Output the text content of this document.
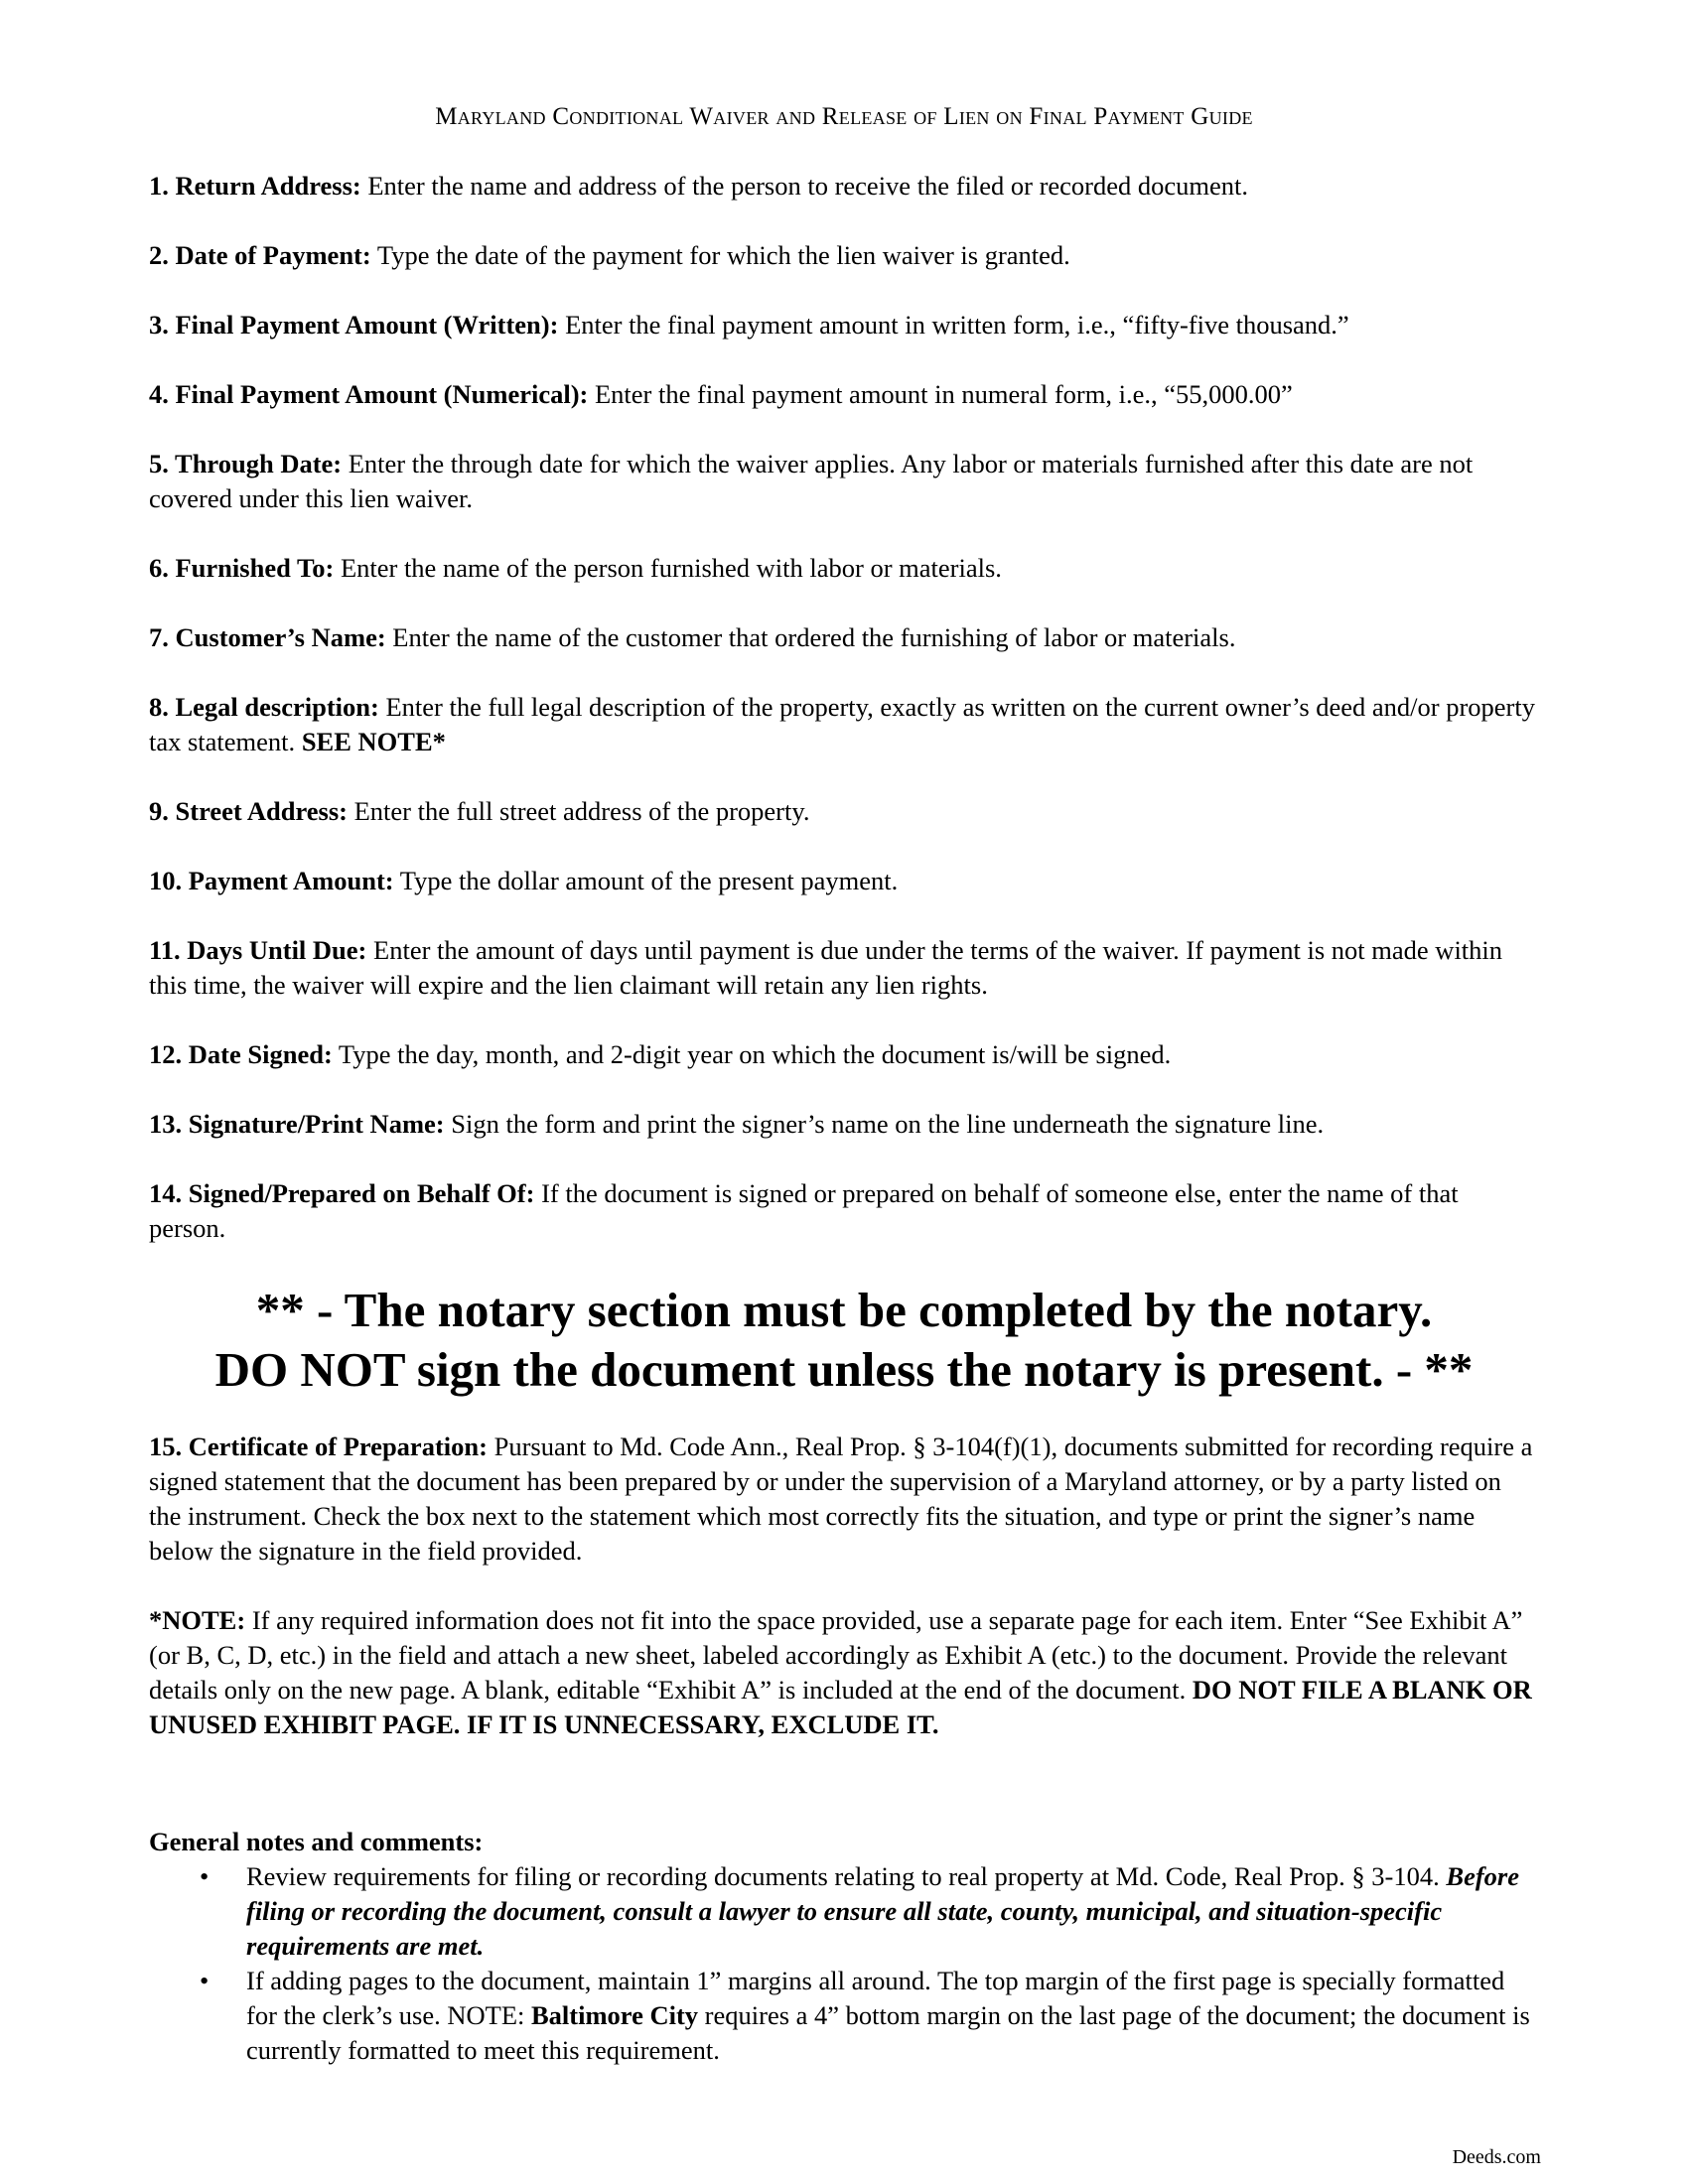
Maryland Conditional Waiver and Release of Lien on Final Payment Guide
1. Return Address: Enter the name and address of the person to receive the filed or recorded document.
2. Date of Payment: Type the date of the payment for which the lien waiver is granted.
3. Final Payment Amount (Written): Enter the final payment amount in written form, i.e., “fifty-five thousand.”
4. Final Payment Amount (Numerical): Enter the final payment amount in numeral form, i.e., “55,000.00”
5. Through Date: Enter the through date for which the waiver applies. Any labor or materials furnished after this date are not covered under this lien waiver.
6. Furnished To: Enter the name of the person furnished with labor or materials.
7. Customer’s Name: Enter the name of the customer that ordered the furnishing of labor or materials.
8. Legal description: Enter the full legal description of the property, exactly as written on the current owner’s deed and/or property tax statement. SEE NOTE*
9. Street Address: Enter the full street address of the property.
10. Payment Amount: Type the dollar amount of the present payment.
11. Days Until Due: Enter the amount of days until payment is due under the terms of the waiver. If payment is not made within this time, the waiver will expire and the lien claimant will retain any lien rights.
12. Date Signed: Type the day, month, and 2-digit year on which the document is/will be signed.
13. Signature/Print Name: Sign the form and print the signer’s name on the line underneath the signature line.
14. Signed/Prepared on Behalf Of: If the document is signed or prepared on behalf of someone else, enter the name of that person.
** - The notary section must be completed by the notary.
DO NOT sign the document unless the notary is present. - **
15. Certificate of Preparation: Pursuant to Md. Code Ann., Real Prop. § 3-104(f)(1), documents submitted for recording require a signed statement that the document has been prepared by or under the supervision of a Maryland attorney, or by a party listed on the instrument. Check the box next to the statement which most correctly fits the situation, and type or print the signer’s name below the signature in the field provided.
*NOTE: If any required information does not fit into the space provided, use a separate page for each item. Enter “See Exhibit A” (or B, C, D, etc.) in the field and attach a new sheet, labeled accordingly as Exhibit A (etc.) to the document. Provide the relevant details only on the new page. A blank, editable “Exhibit A” is included at the end of the document. DO NOT FILE A BLANK OR UNUSED EXHIBIT PAGE. IF IT IS UNNECESSARY, EXCLUDE IT.
General notes and comments:
• Review requirements for filing or recording documents relating to real property at Md. Code, Real Prop. § 3-104. Before filing or recording the document, consult a lawyer to ensure all state, county, municipal, and situation-specific requirements are met.
• If adding pages to the document, maintain 1” margins all around. The top margin of the first page is specially formatted for the clerk’s use. NOTE: Baltimore City requires a 4” bottom margin on the last page of the document; the document is currently formatted to meet this requirement.
Deeds.com
